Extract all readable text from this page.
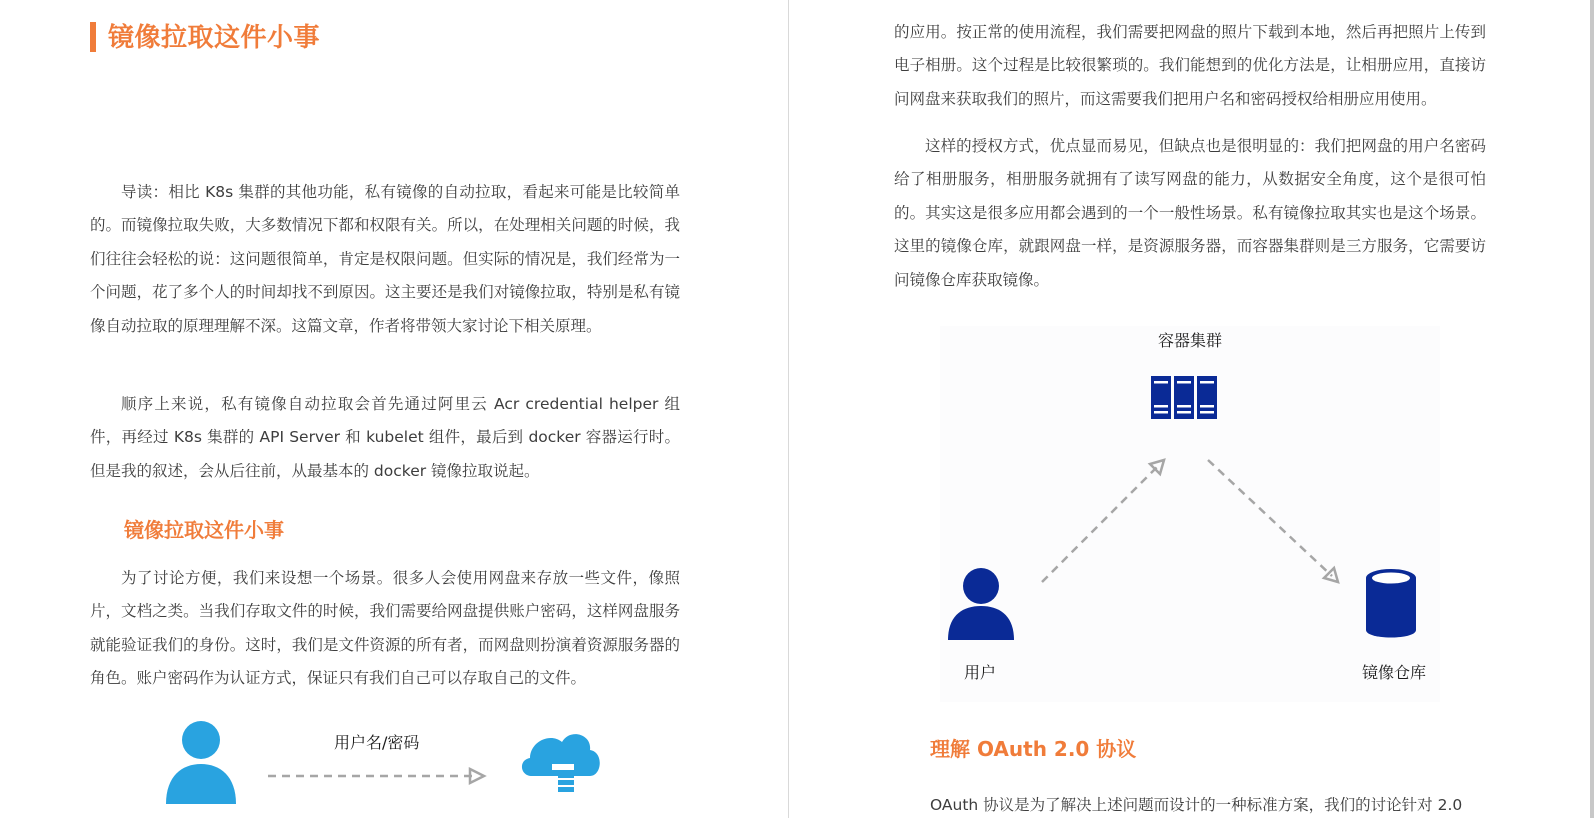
镜像拉取这件小事

导读：相比 K8s 集群的其他功能，私有镜像的自动拉取，看起来可能是比较简单的。而镜像拉取失败，大多数情况下都和权限有关。所以，在处理相关问题的时候，我们往往会轻松的说：这问题很简单，肯定是权限问题。但实际的情况是，我们经常为一个问题，花了多个人的时间却找不到原因。这主要还是我们对镜像拉取，特别是私有镜像自动拉取的原理理解不深。这篇文章，作者将带领大家讨论下相关原理。

顺序上来说，私有镜像自动拉取会首先通过阿里云 Acr credential helper 组件，再经过 K8s 集群的 API Server 和 kubelet 组件，最后到 docker 容器运行时。但是我的叙述，会从后往前，从最基本的 docker 镜像拉取说起。

镜像拉取这件小事

为了讨论方便，我们来设想一个场景。很多人会使用网盘来存放一些文件，像照片，文档之类。当我们存取文件的时候，我们需要给网盘提供账户密码，这样网盘服务就能验证我们的身份。这时，我们是文件资源的所有者，而网盘则扮演着资源服务器的角色。账户密码作为认证方式，保证只有我们自己可以存取自己的文件。

用户名/密码

的应用。按正常的使用流程，我们需要把网盘的照片下载到本地，然后再把照片上传到电子相册。这个过程是比较很繁琐的。我们能想到的优化方法是，让相册应用，直接访问网盘来获取我们的照片，而这需要我们把用户名和密码授权给相册应用使用。

这样的授权方式，优点显而易见，但缺点也是很明显的：我们把网盘的用户名密码给了相册服务，相册服务就拥有了读写网盘的能力，从数据安全角度，这个是很可怕的。其实这是很多应用都会遇到的一个一般性场景。私有镜像拉取其实也是这个场景。这里的镜像仓库，就跟网盘一样，是资源服务器，而容器集群则是三方服务，它需要访问镜像仓库获取镜像。

容器集群
用户	镜像仓库
理解 OAuth 2.0 协议

OAuth 协议是为了解决上述问题而设计的一种标准方案，我们的讨论针对 2.0
